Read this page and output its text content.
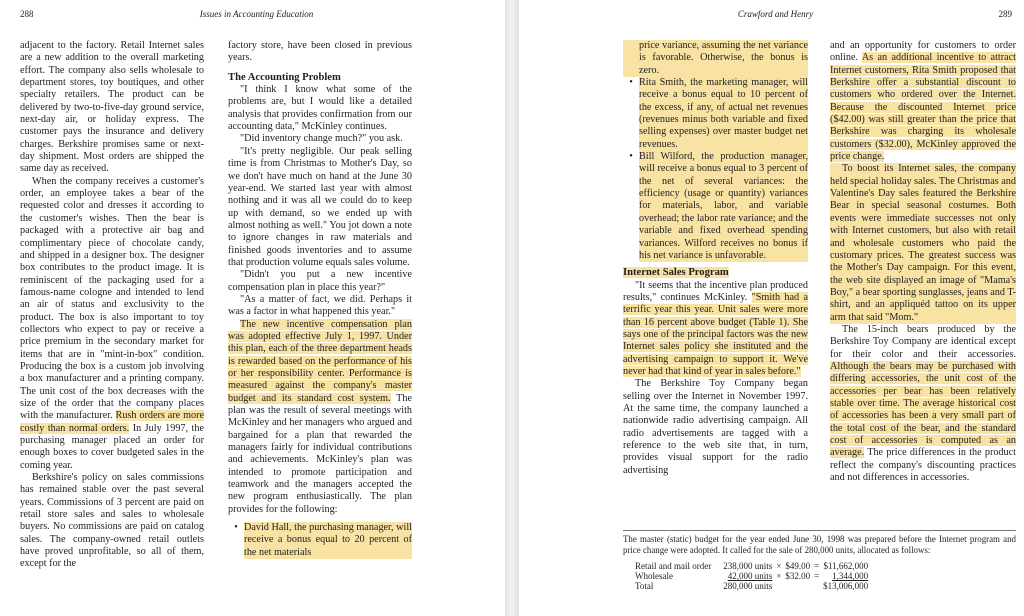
288	Issues in Accounting Education

adjacent to the factory. Retail Internet sales are a new addition to the overall marketing effort. The company also sells wholesale to department stores, toy boutiques, and other specialty retailers. The product can be delivered by two-to-five-day ground service, next-day air, or holiday express. The customer pays the insurance and delivery charges. Berkshire promises same or next-day shipment. Most orders are shipped the same day as received.

When the company receives a customer's order, an employee takes a bear of the requested color and dresses it according to the customer's wishes. Then the bear is packaged with a protective air bag and complimentary piece of chocolate candy, and shipped in a designer box. The designer box contributes to the product image. It is reminiscent of the packaging used for a famous-name cologne and intended to lend an air of status and exclusivity to the product. The box is also important to toy collectors who expect to pay or receive a price premium in the secondary market for items that are in "mint-in-box" condition. Producing the box is a custom job involving a box manufacturer and a printing company. The unit cost of the box decreases with the size of the order that the company places with the manufacturer. Rush orders are more costly than normal orders. In July 1997, the purchasing manager placed an order for enough boxes to cover budgeted sales in the coming year.

Berkshire's policy on sales commissions has remained stable over the past several years. Commissions of 3 percent are paid on retail store sales and sales to wholesale buyers. No commissions are paid on catalog sales. The company-owned retail outlets have proved unprofitable, so all of them, except for the

factory store, have been closed in previous years.

The Accounting Problem

"I think I know what some of the problems are, but I would like a detailed analysis that provides confirmation from our accounting data," McKinley continues.

"Did inventory change much?" you ask.

"It's pretty negligible. Our peak selling time is from Christmas to Mother's Day, so we don't have much on hand at the June 30 year-end. We started last year with almost nothing and it was all we could do to keep up with demand, so we ended up with almost nothing as well." You jot down a note to ignore changes in raw materials and finished goods inventories and to assume that production volume equals sales volume.

"Didn't you put a new incentive compensation plan in place this year?"

"As a matter of fact, we did. Perhaps it was a factor in what happened this year."

The new incentive compensation plan was adopted effective July 1, 1997. Under this plan, each of the three department heads is rewarded based on the performance of his or her responsibility center. Performance is measured against the company's master budget and its standard cost system. The plan was the result of several meetings with McKinley and her managers who argued and bargained for a plan that rewarded the managers fairly for individual contributions and achievements. McKinley's plan was intended to promote participation and teamwork and the managers accepted the new program enthusiastically. The plan provides for the following:

• David Hall, the purchasing manager, will receive a bonus equal to 20 percent of the net materials
Crawford and Henry	289

price variance, assuming the net variance is favorable. Otherwise, the bonus is zero.

• Rita Smith, the marketing manager, will receive a bonus equal to 10 percent of the excess, if any, of actual net revenues (revenues minus both variable and fixed selling expenses) over master budget net revenues.
• Bill Wilford, the production manager, will receive a bonus equal to 3 percent of the net of several variances: the efficiency (usage or quantity) variances for materials, labor, and variable overhead; the labor rate variance; and the variable and fixed overhead spending variances. Wilford receives no bonus if his net variance is unfavorable.
Internet Sales Program

"It seems that the incentive plan produced results," continues McKinley. "Smith had a terrific year this year. Unit sales were more than 16 percent above budget (Table 1). She says one of the principal factors was the new Internet sales policy she instituted and the advertising campaign to support it. We've never had that kind of year in sales before."

The Berkshire Toy Company began selling over the Internet in November 1997. At the same time, the company launched a nationwide radio advertising campaign. All radio advertisements are tagged with a reference to the web site that, in turn, provides visual support for the radio advertising

and an opportunity for customers to order online. As an additional incentive to attract Internet customers, Rita Smith proposed that Berkshire offer a substantial discount to customers who ordered over the Internet. Because the discounted Internet price ($42.00) was still greater than the price that Berkshire was charging its wholesale customers ($32.00), McKinley approved the price change.

To boost its Internet sales, the company held special holiday sales. The Christmas and Valentine's Day sales featured the Berkshire Bear in special seasonal costumes. Both events were immediate successes not only with Internet customers, but also with retail and wholesale customers who paid the customary prices. The greatest success was the Mother's Day campaign. For this event, the web site displayed an image of "Mama's Boy," a bear sporting sunglasses, jeans and T-shirt, and an appliquéd tattoo on its upper arm that said "Mom."

The 15-inch bears produced by the Berkshire Toy Company are identical except for their color and their accessories. Although the bears may be purchased with differing accessories, the unit cost of the accessories per bear has been relatively stable over time. The average historical cost of accessories has been a very small part of the total cost of the bear, and the standard cost of accessories is computed as an average. The price differences in the product reflect the company's discounting practices and not differences in accessories.

The master (static) budget for the year ended June 30, 1998 was prepared before the Internet program and price change were adopted. It called for the sale of 280,000 units, allocated as follows:

Retail and mail order	238,000 units	×	$49.00	=	$11,662,000
Wholesale	42,000 units	×	$32.00	=	1,344,000
Total	280,000 units				$13,006,000
